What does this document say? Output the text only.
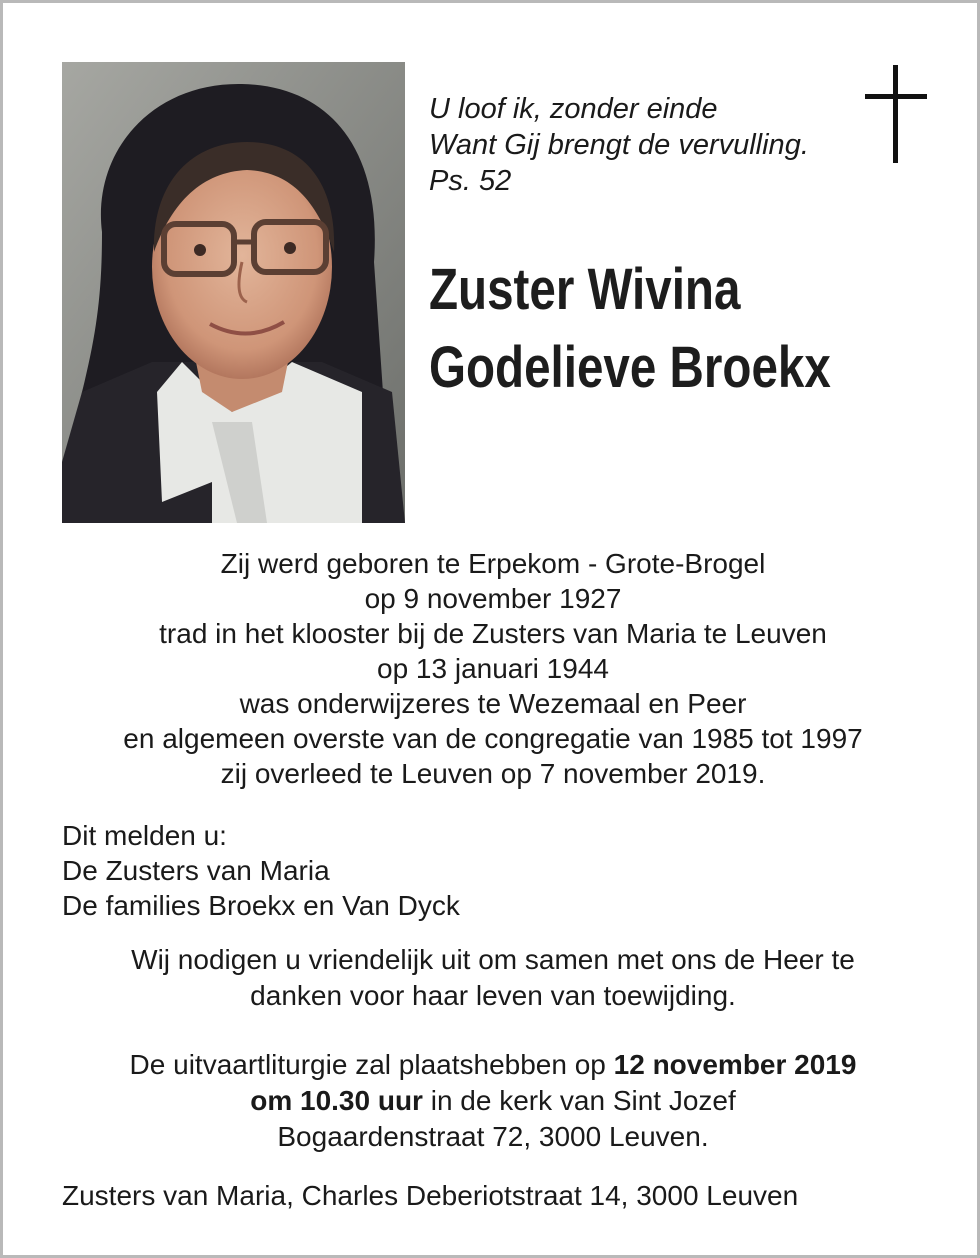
U loof ik, zonder einde
Want Gij brengt de vervulling.
Ps. 52
Zuster Wivina
Godelieve Broekx
Zij werd geboren te Erpekom - Grote-Brogel
op 9 november 1927
trad in het klooster bij de Zusters van Maria te Leuven
op 13 januari 1944
was onderwijzeres te Wezemaal en Peer
en algemeen overste van de congregatie van 1985 tot 1997
zij overleed te Leuven op 7 november 2019.
Dit melden u:
De Zusters van Maria
De families Broekx en Van Dyck
Wij nodigen u vriendelijk uit om samen met ons de Heer te
danken voor haar leven van toewijding.
De uitvaartliturgie zal plaatshebben op 12 november 2019
om 10.30 uur in de kerk van Sint Jozef
Bogaardenstraat 72, 3000 Leuven.
Zusters van Maria, Charles Deberiotstraat 14, 3000 Leuven
